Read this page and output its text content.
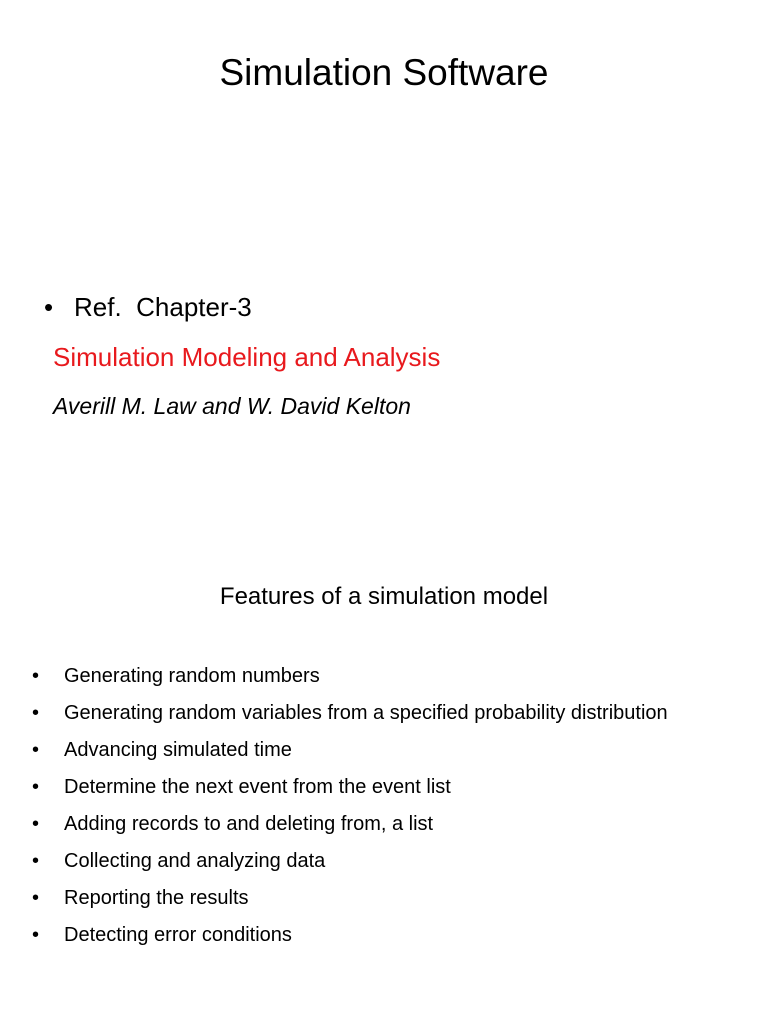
Simulation Software
• Ref.  Chapter-3
Simulation Modeling and Analysis
Averill M. Law and W. David Kelton
Features of a simulation model
• Generating random numbers
• Generating random variables from a specified probability distribution
• Advancing simulated time
• Determine the next event from the event list
• Adding records to and deleting from, a list
• Collecting and analyzing data
• Reporting the results
• Detecting error conditions
